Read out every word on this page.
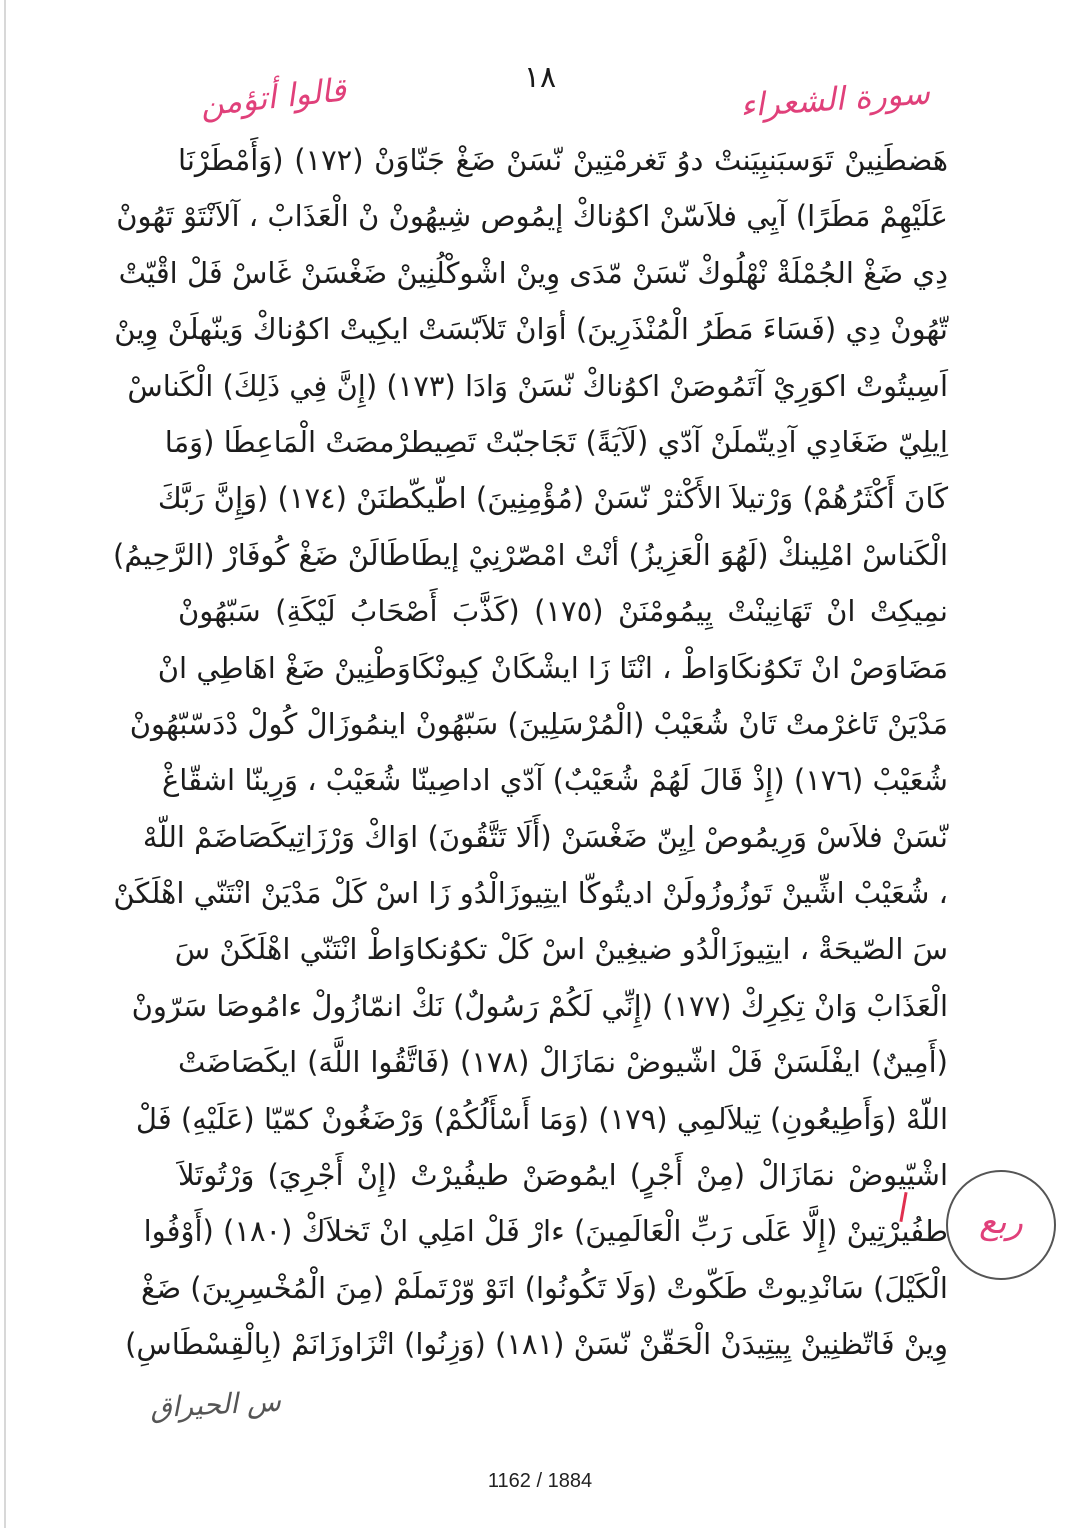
١٨
قالوا أتؤمن	سورة الشعراء
هَضطَنِينْ تَوَسبَنبِيَنتْ دوُ تَغرمْتِينْ نّسَنْ ضَغْ جَنّاوَنْ (١٧٢) (وَأَمْطَرْنَا
عَلَيْهِمْ مَطَرًا) آيِي فلاَسّنْ اكوُناكْ إيمُوص شِيهُونْ نْ الْعَذَابْ ، آلاَنْتَوْ تَهُونْ
دِي ضَغْ الجُمْلَةْ نْهْلُوكْ نّسَنْ مّدَى وِينْ اشْوكْلُنِينْ ضَغْسَنْ غَاسْ فَلْ اقْيّتْ
تّهُونْ دِي (فَسَاءَ مَطَرُ الْمُنْذَرِينَ) أوَانْ تَلاَبّسَتْ ايكِيتْ اكوُناكْ وَينّهلَنْ وِينْ
اَسِيتُوتْ اكوَرِيْ آتَمُوصَنْ اكوُناكْ نّسَنْ وَادَا (١٧٣) (إِنَّ فِي ذَلِكَ) الْكَناسْ
اِيلِيّ ضَغَادِي آدِيتّملَنْ آدّي (لَآيَةً) تَجَاجبّتْ تَصِيطرْمصَتْ الْمَاعِطَا (وَمَا
كَانَ أَكْثَرُهُمْ) وَرْتيلاَ الأَكْثرْ نّسَنْ (مُؤْمِنِينَ) اطّيكّطنَنْ (١٧٤) (وَإِنَّ رَبَّكَ
الْكَناسْ امْلِينكْ (لَهُوَ الْعَزِيزُ) أنْتْ امْصّرْنِيْ إيطَاطَالَنْ ضَغْ كُوفَارْ (الرَّحِيمُ)
نمِيكِتْ انْ تَهَانِينْتْ يِيمُومْنَنْ (١٧٥) (كَذَّبَ أَصْحَابُ لَيْكَةِ) سَبّهُونْ
مَضَاوَصْ انْ تَكوُنكَاوَاطْ ، انْتَا زَا ايشْكَانْ كِيونْكَاوَطْنِينْ ضَغْ اهَاطِي انْ
مَدْيَنْ تَاغرْمتْ تَانْ شُعَيْبْ (الْمُرْسَلِينَ) سَبّهُونْ اينمُوزَالْ كُولْ دْدَسّبّهُونْ
شُعَيْبْ (١٧٦) (إِذْ قَالَ لَهُمْ شُعَيْبٌ) آدّي اداصِينّا شُعَيْبْ ، وَرِينّا اشقّاغْ
نّسَنْ فلاَسْ وَرِيمُوصْ اِيِنّ ضَغْسَنْ (أَلَا تَتَّقُونَ) اوَاكْ وَرْزَاتِيكَصَاضَمْ اللّهْ
، شُعَيْبْ اشِّينْ تَوزُوزُولَنْ اديتُوكّا ايتِيوزَالْدُو زَا اسْ كَلْ مَدْيَنْ انْتَنّي اهْلَكَنْ
سَ الصّيحَةْ ، ايتِيوزَالْدُو ضيغِينْ اسْ كَلْ تكوُنكاوَاطْ انْتَنّي اهْلَكَنْ سَ
الْعَذَابْ وَانْ تِكِرِكْ (١٧٧) (إِنِّي لَكُمْ رَسُولٌ) نَكْ انمّازُولْ ءامُوصَا سَرّونْ
(أَمِينٌ) ايفْلَسَنْ فَلْ اشّيوضْ نمَازَالْ (١٧٨) (فَاتَّقُوا اللَّهَ) ايكَصَاضَتْ
اللّهْ (وَأَطِيعُونِ) تِيلاَلمِي (١٧٩) (وَمَا أَسْأَلُكُمْ) وَرْضَغُونْ كمّيّا (عَلَيْهِ) فَلْ
اشْيّيوضْ نمَازَالْ (مِنْ أَجْرٍ) ايمُوصَنْ طيفُيرْتْ (إِنْ أَجْرِيَ) وَرْتُوتَلاَ
طفُيرْتِينْ (إِلَّا عَلَى رَبِّ الْعَالَمِينَ) ءارْ فَلْ امَلِي انْ تَخلاَكْ (١٨٠) (أَوْفُوا
الْكَيْلَ) سَانْدِيوتْ طَكّوتْ (وَلَا تَكُونُوا) اتَوْ وّرْتَملَمْ (مِنَ الْمُخْسِرِينَ) ضَغْ
وِينْ فَاتّظنِينْ يِيتِيدَنْ الْحَقّنْ نّسَنْ (١٨١) (وَزِنُوا) اتْزَاوزَانَمْ (بِالْقِسْطَاسِ)
ربع
س الحيراق
1162 / 1884
